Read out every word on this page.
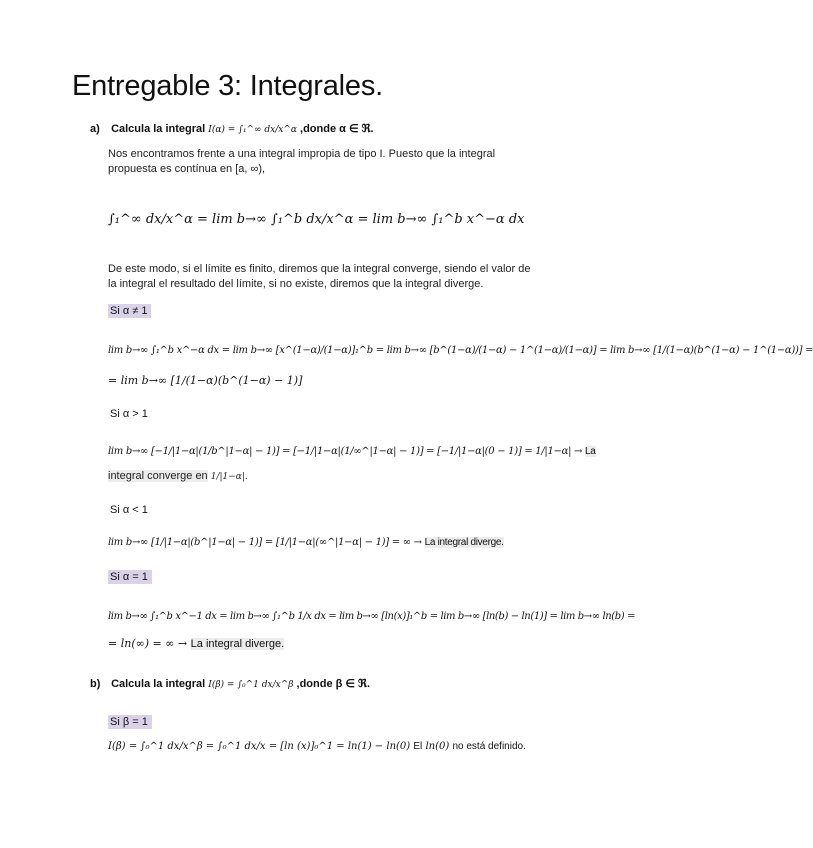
Entregable 3: Integrales.
a) Calcula la integral I(α) = ∫₁^∞ dx/x^α ,donde α ∈ ℜ.
Nos encontramos frente a una integral impropia de tipo I. Puesto que la integral propuesta es contínua en [a, ∞),
∫₁^∞ dx/x^α = lim b→∞ ∫₁^b dx/x^α = lim b→∞ ∫₁^b x^−α dx
De este modo, si el límite es finito, diremos que la integral converge, siendo el valor de la integral el resultado del límite, si no existe, diremos que la integral diverge.
Si α ≠ 1
lim b→∞ ∫₁^b x^−α dx = lim b→∞ [x^(1−α)/(1−α)]₁^b = lim b→∞ [b^(1−α)/(1−α) − 1^(1−α)/(1−α)] = lim b→∞ [1/(1−α)(b^(1−α) − 1^(1−α))] =
= lim b→∞ [1/(1−α)(b^(1−α) − 1)]
Si α > 1
lim b→∞ [−1/|1−α|(1/b^|1−α| − 1)] = [−1/|1−α|(1/∞^|1−α| − 1)] = [−1/|1−α|(0 − 1)] = 1/|1−α| → La
integral converge en 1/|1−α|.
Si α < 1
lim b→∞ [1/|1−α|(b^|1−α| − 1)] = [1/|1−α|(∞^|1−α| − 1)] = ∞ → La integral diverge.
Si α = 1
lim b→∞ ∫₁^b x^−1 dx = lim b→∞ ∫₁^b 1/x dx = lim b→∞ [ln(x)]₁^b = lim b→∞ [ln(b) − ln(1)] = lim b→∞ ln(b) =
= ln(∞) = ∞ → La integral diverge.
b) Calcula la integral I(β) = ∫₀^1 dx/x^β ,donde β ∈ ℜ.
Si β = 1
I(β) = ∫₀^1 dx/x^β = ∫₀^1 dx/x = [ln (x)]₀^1 = ln(1) − ln(0) El ln(0) no está definido.
